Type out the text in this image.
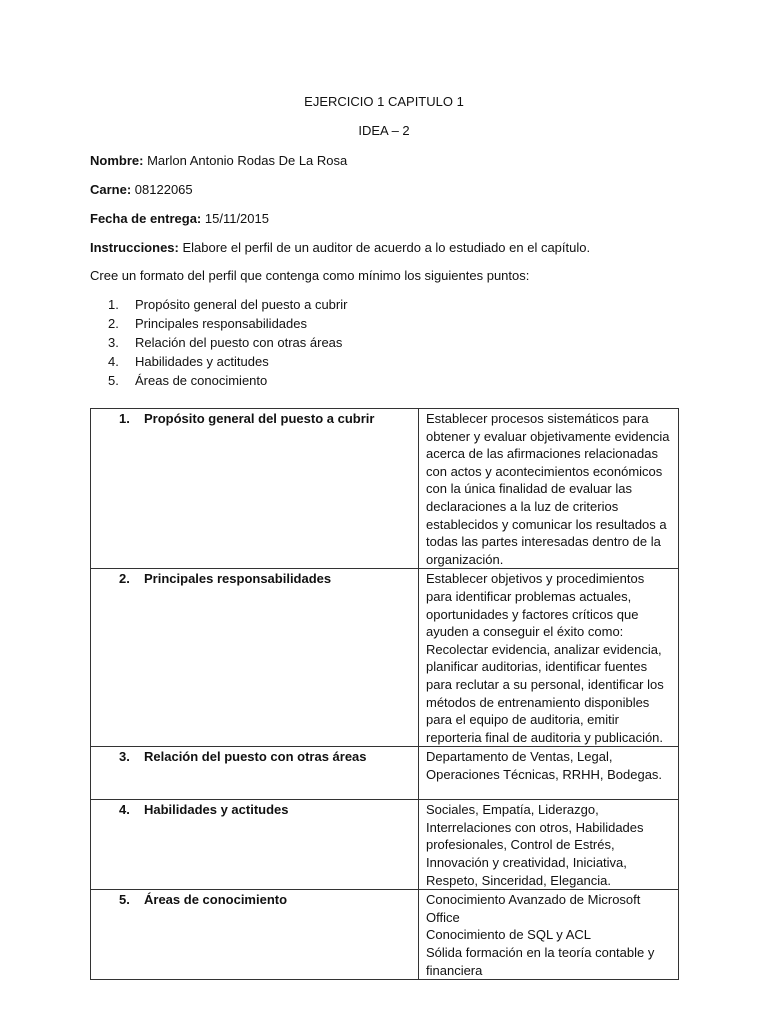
EJERCICIO 1 CAPITULO 1
IDEA – 2
Nombre: Marlon Antonio Rodas De La Rosa
Carne: 08122065
Fecha de entrega: 15/11/2015
Instrucciones: Elabore el perfil de un auditor de acuerdo a lo estudiado en el capítulo.
Cree un formato del perfil que contenga como mínimo los siguientes puntos:
1. Propósito general del puesto a cubrir
2. Principales responsabilidades
3. Relación del puesto con otras áreas
4. Habilidades y actitudes
5. Áreas de conocimiento
1. Propósito general del puesto a cubrir	Establecer procesos sistemáticos para obtener y evaluar objetivamente evidencia acerca de las afirmaciones relacionadas con actos y acontecimientos económicos con la única finalidad de evaluar las declaraciones a la luz de criterios establecidos y comunicar los resultados a todas las partes interesadas dentro de la organización.
2. Principales responsabilidades	Establecer objetivos y procedimientos para identificar problemas actuales, oportunidades y factores críticos que ayuden a conseguir el éxito como: Recolectar evidencia, analizar evidencia, planificar auditorias, identificar fuentes para reclutar a su personal, identificar los métodos de entrenamiento disponibles para el equipo de auditoria, emitir reporteria final de auditoria y publicación.
3. Relación del puesto con otras áreas	Departamento de Ventas, Legal, Operaciones Técnicas, RRHH, Bodegas.
4. Habilidades y actitudes	Sociales, Empatía, Liderazgo, Interrelaciones con otros, Habilidades profesionales, Control de Estrés, Innovación y creatividad, Iniciativa, Respeto, Sinceridad, Elegancia.
5. Áreas de conocimiento	Conocimiento Avanzado de Microsoft Office
Conocimiento de SQL y ACL
Sólida formación en la teoría contable y financiera
